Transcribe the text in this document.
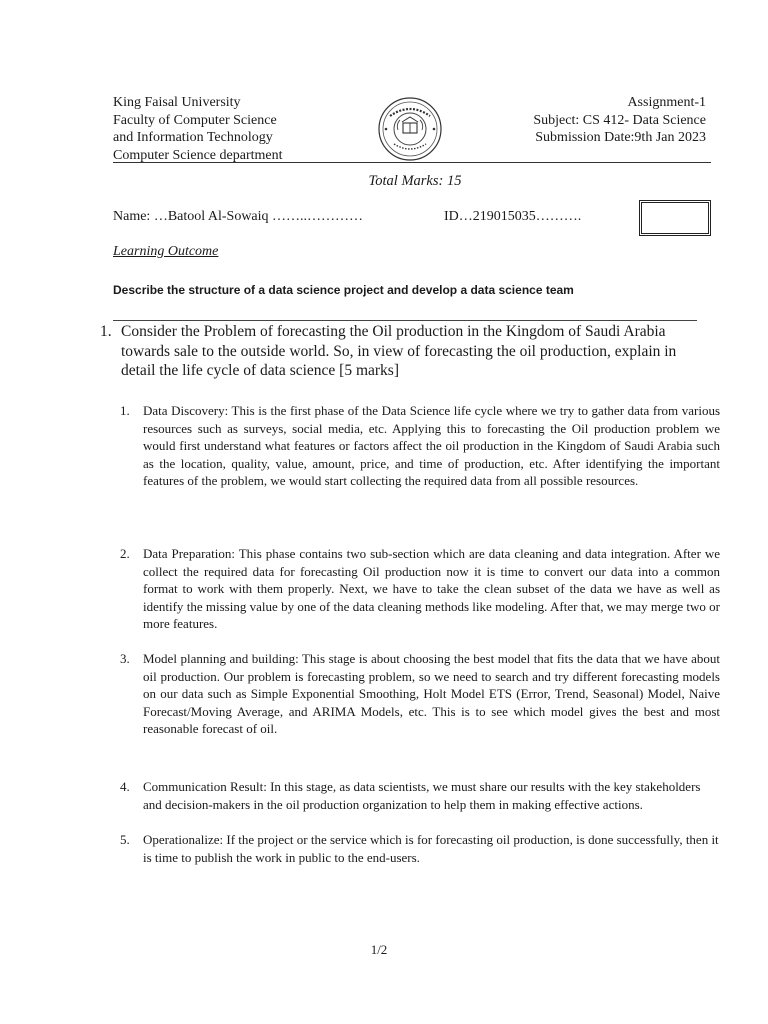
King Faisal University
Faculty of Computer Science
and Information Technology
Computer Science department
Assignment-1
Subject: CS 412- Data Science
Submission Date:9th Jan 2023
Total Marks: 15
Name: …Batool Al-Sowaiq ……..…………	ID…219015035……….
Learning Outcome
Describe the structure of a data science project and develop a data science team
1. Consider the Problem of forecasting the Oil production in the Kingdom of Saudi Arabia towards sale to the outside world. So, in view of forecasting the oil production, explain in detail the life cycle of data science [5 marks]
1. Data Discovery: This is the first phase of the Data Science life cycle where we try to gather data from various resources such as surveys, social media, etc. Applying this to forecasting the Oil production problem we would first understand what features or factors affect the oil production in the Kingdom of Saudi Arabia such as the location, quality, value, amount, price, and time of production, etc. After identifying the important features of the problem, we would start collecting the required data from all possible resources.
2. Data Preparation: This phase contains two sub-section which are data cleaning and data integration. After we collect the required data for forecasting Oil production now it is time to convert our data into a common format to work with them properly. Next, we have to take the clean subset of the data we have as well as identify the missing value by one of the data cleaning methods like modeling. After that, we may merge two or more features.
3. Model planning and building: This stage is about choosing the best model that fits the data that we have about oil production. Our problem is forecasting problem, so we need to search and try different forecasting models on our data such as Simple Exponential Smoothing, Holt Model ETS (Error, Trend, Seasonal) Model, Naive Forecast/Moving Average, and ARIMA Models, etc. This is to see which model gives the best and most reasonable forecast of oil.
4. Communication Result: In this stage, as data scientists, we must share our results with the key stakeholders and decision-makers in the oil production organization to help them in making effective actions.
5. Operationalize: If the project or the service which is for forecasting oil production, is done successfully, then it is time to publish the work in public to the end-users.
1/2
